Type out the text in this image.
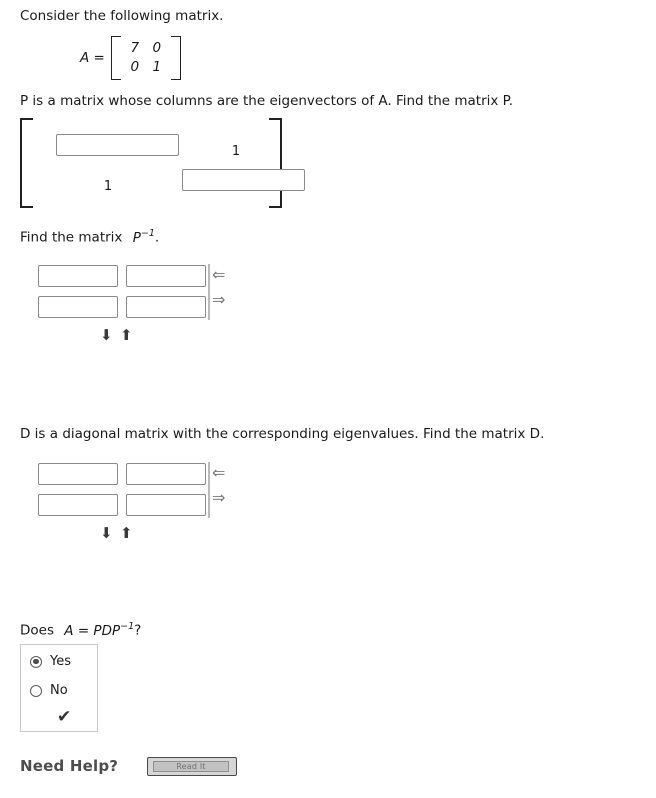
Consider the following matrix.
A =
7 0
0 1
P is a matrix whose columns are the eigenvectors of A. Find the matrix P.
1
1
Find the matrix $P^{-1}$.
⇐
⇒
⬇ ⬆
D is a diagonal matrix with the corresponding eigenvalues. Find the matrix D.
⇐
⇒
⬇ ⬆
Does $A = PDP^{-1}$?
Yes
No
✔
Need Help?	Read It
